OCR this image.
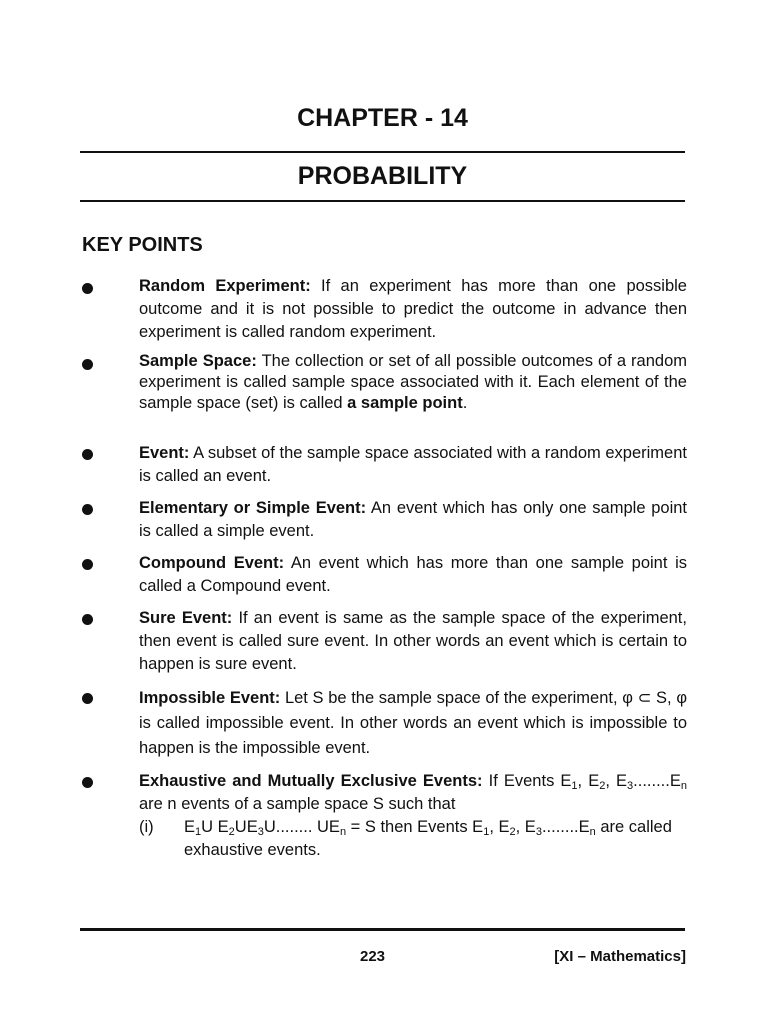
CHAPTER - 14
PROBABILITY
KEY POINTS
Random Experiment: If an experiment has more than one possible outcome and it is not possible to predict the outcome in advance then experiment is called random experiment.
Sample Space: The collection or set of all possible outcomes of a random experiment is called sample space associated with it. Each element of the sample space (set) is called a sample point.
Event: A subset of the sample space associated with a random experiment is called an event.
Elementary or Simple Event: An event which has only one sample point is called a simple event.
Compound Event: An event which has more than one sample point is called a Compound event.
Sure Event: If an event is same as the sample space of the experiment, then event is called sure event. In other words an event which is certain to happen is sure event.
Impossible Event: Let S be the sample space of the experiment, φ ⊂ S, φ is called impossible event. In other words an event which is impossible to happen is the impossible event.
Exhaustive and Mutually Exclusive Events: If Events $E_1$, $E_2$, $E_3........E_n$ are n events of a sample space S such that
(i)	$E_1U$ $E_2UE_3U$........ $UE_n = S$ then Events $E_1$, $E_2$, $E_3........E_n$ are called exhaustive events.
223	[XI – Mathematics]
